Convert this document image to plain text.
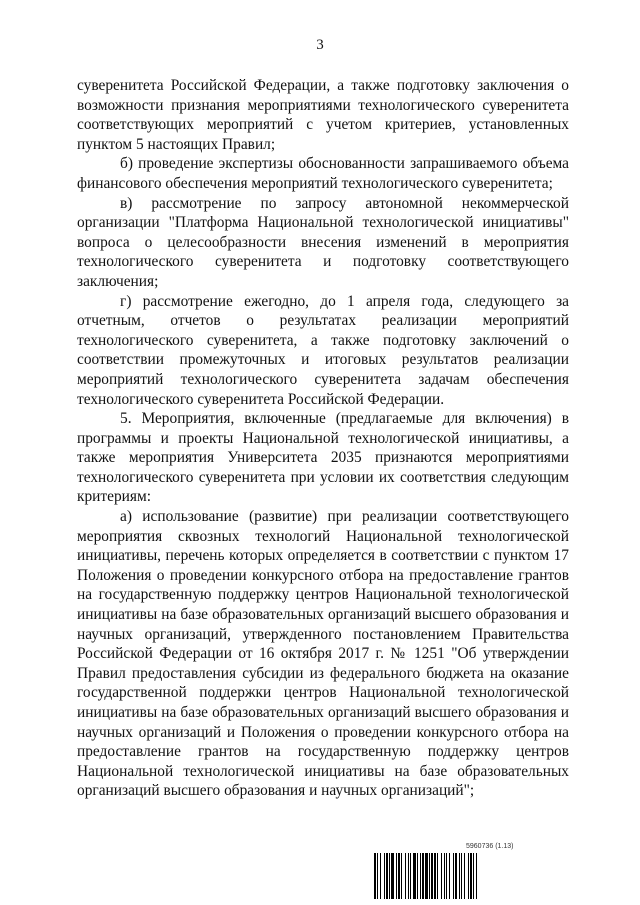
3

суверенитета Российской Федерации, а также подготовку заключения о возможности признания мероприятиями технологического суверенитета соответствующих мероприятий с учетом критериев, установленных пунктом 5 настоящих Правил;

б) проведение экспертизы обоснованности запрашиваемого объема финансового обеспечения мероприятий технологического суверенитета;

в) рассмотрение по запросу автономной некоммерческой организации "Платформа Национальной технологической инициативы" вопроса о целесообразности внесения изменений в мероприятия технологического суверенитета и подготовку соответствующего заключения;

г) рассмотрение ежегодно, до 1 апреля года, следующего за отчетным, отчетов о результатах реализации мероприятий технологического суверенитета, а также подготовку заключений о соответствии промежуточных и итоговых результатов реализации мероприятий технологического суверенитета задачам обеспечения технологического суверенитета Российской Федерации.

5. Мероприятия, включенные (предлагаемые для включения) в программы и проекты Национальной технологической инициативы, а также мероприятия Университета 2035 признаются мероприятиями технологического суверенитета при условии их соответствия следующим критериям:

а) использование (развитие) при реализации соответствующего мероприятия сквозных технологий Национальной технологической инициативы, перечень которых определяется в соответствии с пунктом 17 Положения о проведении конкурсного отбора на предоставление грантов на государственную поддержку центров Национальной технологической инициативы на базе образовательных организаций высшего образования и научных организаций, утвержденного постановлением Правительства Российской Федерации от 16 октября 2017 г. № 1251 "Об утверждении Правил предоставления субсидии из федерального бюджета на оказание государственной поддержки центров Национальной технологической инициативы на базе образовательных организаций высшего образования и научных организаций и Положения о проведении конкурсного отбора на предоставление грантов на государственную поддержку центров Национальной технологической инициативы на базе образовательных организаций высшего образования и научных организаций";

5960736 (1.13)
